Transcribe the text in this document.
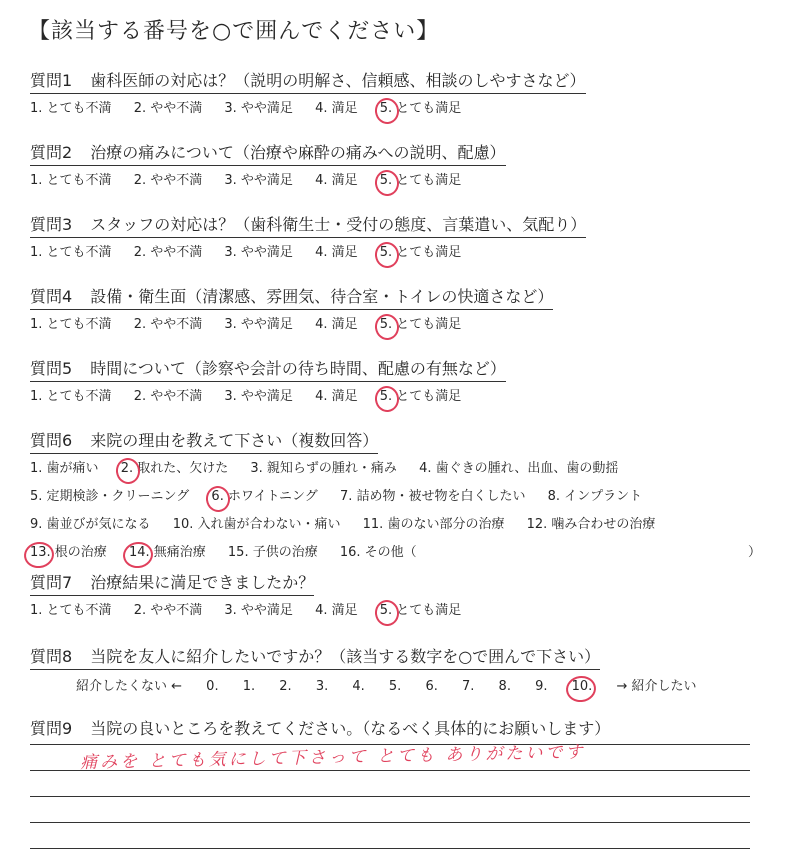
【該当する番号を○で囲んでください】
質問1 歯科医師の対応は？（説明の明解さ、信頼感、相談のしやすさなど）
1. とても不満 2. やや不満 3. やや満足 4. 満足 5. とても満足
質問2 治療の痛みについて（治療や麻酔の痛みへの説明、配慮）
1. とても不満 2. やや不満 3. やや満足 4. 満足 5. とても満足
質問3 スタッフの対応は？（歯科衛生士・受付の態度、言葉遣い、気配り）
1. とても不満 2. やや不満 3. やや満足 4. 満足 5. とても満足
質問4 設備・衛生面（清潔感、雰囲気、待合室・トイレの快適さなど）
1. とても不満 2. やや不満 3. やや満足 4. 満足 5. とても満足
質問5 時間について（診察や会計の待ち時間、配慮の有無など）
1. とても不満 2. やや不満 3. やや満足 4. 満足 5. とても満足
質問6 来院の理由を教えて下さい（複数回答）
1. 歯が痛い 2. 取れた、欠けた 3. 親知らずの腫れ・痛み 4. 歯ぐきの腫れ、出血、歯の動揺
5. 定期検診・クリーニング 6. ホワイトニング 7. 詰め物・被せ物を白くしたい 8. インプラント
9. 歯並びが気になる 10. 入れ歯が合わない・痛い 11. 歯のない部分の治療 12. 噛み合わせの治療
13. 根の治療 14. 無痛治療 15. 子供の治療 16. その他（	）
質問7 治療結果に満足できましたか？
1. とても不満 2. やや不満 3. やや満足 4. 満足 5. とても満足
質問8 当院を友人に紹介したいですか？（該当する数字を○で囲んで下さい）
紹介したくない ← 0. 1. 2. 3. 4. 5. 6. 7. 8. 9. 10. → 紹介したい
質問9 当院の良いところを教えてください。（なるべく具体的にお願いします）
痛みを とても気にして下さって とても ありがたいです
